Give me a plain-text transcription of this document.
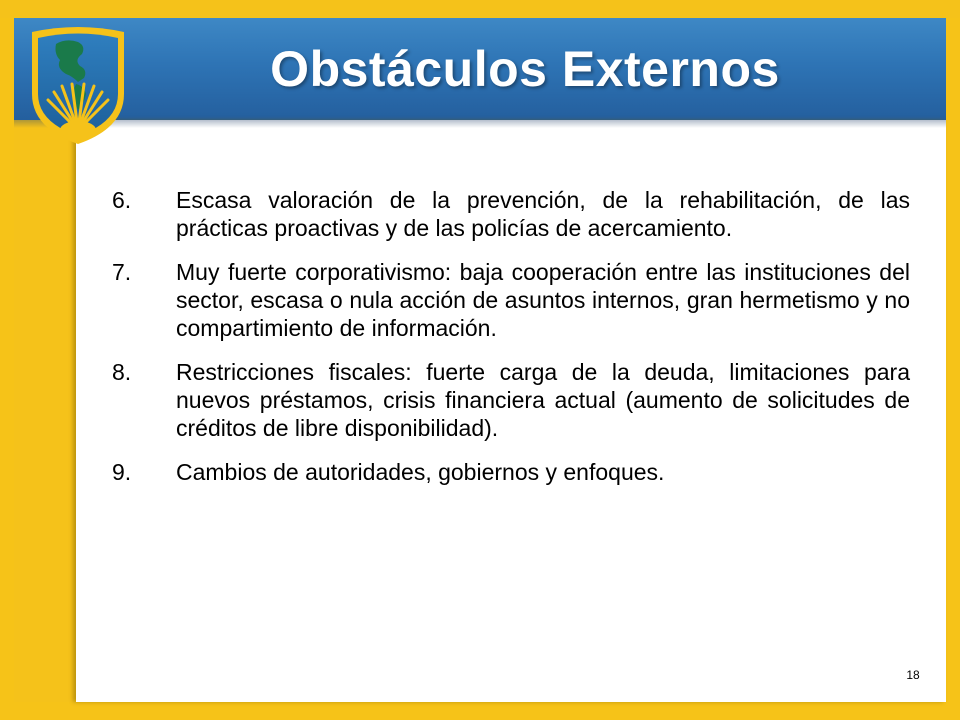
Obstáculos Externos
6.	Escasa valoración de la prevención, de la rehabilitación, de las prácticas proactivas y de las policías de acercamiento.
7.	Muy fuerte corporativismo: baja cooperación entre las instituciones del sector, escasa o nula acción de asuntos internos, gran hermetismo y no compartimiento de información.
8.	Restricciones fiscales: fuerte carga de la deuda, limitaciones para nuevos préstamos, crisis financiera actual (aumento de solicitudes de créditos de libre disponibilidad).
9.	Cambios de autoridades, gobiernos y enfoques.
18
